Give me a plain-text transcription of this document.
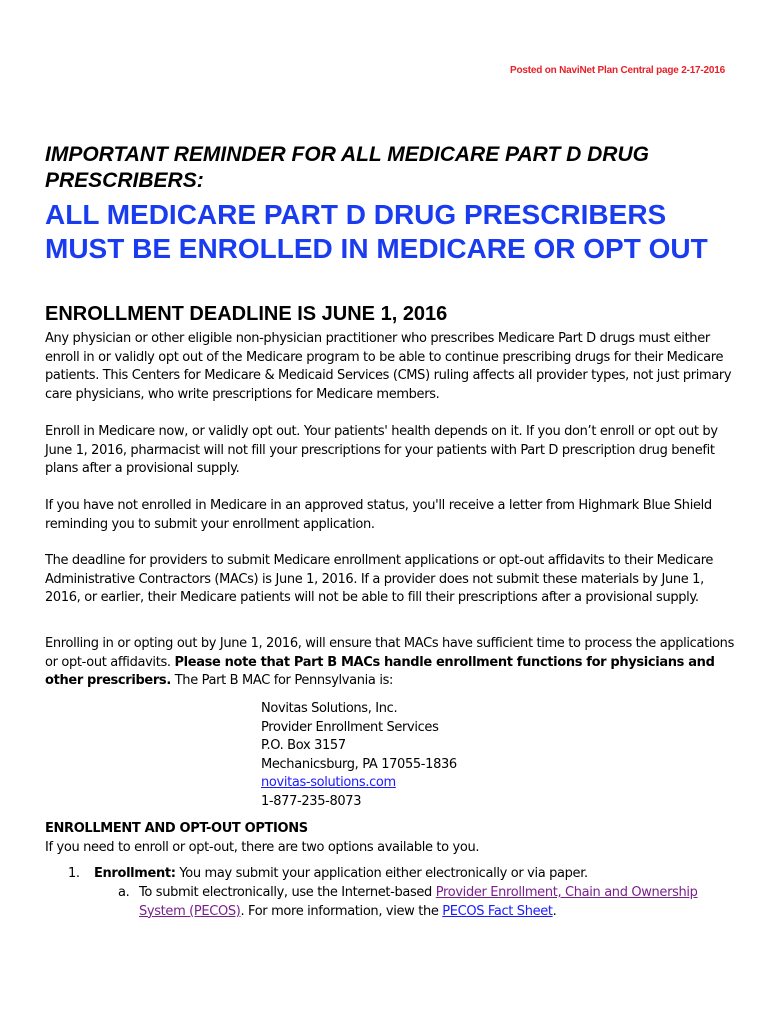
Posted on NaviNet Plan Central page 2-17-2016
IMPORTANT REMINDER FOR ALL MEDICARE PART D DRUG PRESCRIBERS:
ALL MEDICARE PART D DRUG PRESCRIBERS MUST BE ENROLLED IN MEDICARE OR OPT OUT
ENROLLMENT DEADLINE IS JUNE 1, 2016

Any physician or other eligible non-physician practitioner who prescribes Medicare Part D drugs must either enroll in or validly opt out of the Medicare program to be able to continue prescribing drugs for their Medicare patients. This Centers for Medicare & Medicaid Services (CMS) ruling affects all provider types, not just primary care physicians, who write prescriptions for Medicare members.

Enroll in Medicare now, or validly opt out. Your patients' health depends on it. If you don’t enroll or opt out by June 1, 2016, pharmacist will not fill your prescriptions for your patients with Part D prescription drug benefit plans after a provisional supply.

If you have not enrolled in Medicare in an approved status, you'll receive a letter from Highmark Blue Shield reminding you to submit your enrollment application.

The deadline for providers to submit Medicare enrollment applications or opt-out affidavits to their Medicare Administrative Contractors (MACs) is June 1, 2016. If a provider does not submit these materials by June 1, 2016, or earlier, their Medicare patients will not be able to fill their prescriptions after a provisional supply.

Enrolling in or opting out by June 1, 2016, will ensure that MACs have sufficient time to process the applications or opt-out affidavits. Please note that Part B MACs handle enrollment functions for physicians and other prescribers. The Part B MAC for Pennsylvania is:

Novitas Solutions, Inc.
Provider Enrollment Services
P.O. Box 3157
Mechanicsburg, PA 17055-1836
novitas-solutions.com
1-877-235-8073
ENROLLMENT AND OPT-OUT OPTIONS
If you need to enroll or opt-out, there are two options available to you.
1. Enrollment: You may submit your application either electronically or via paper.
a. To submit electronically, use the Internet-based Provider Enrollment, Chain and Ownership System (PECOS). For more information, view the PECOS Fact Sheet.
